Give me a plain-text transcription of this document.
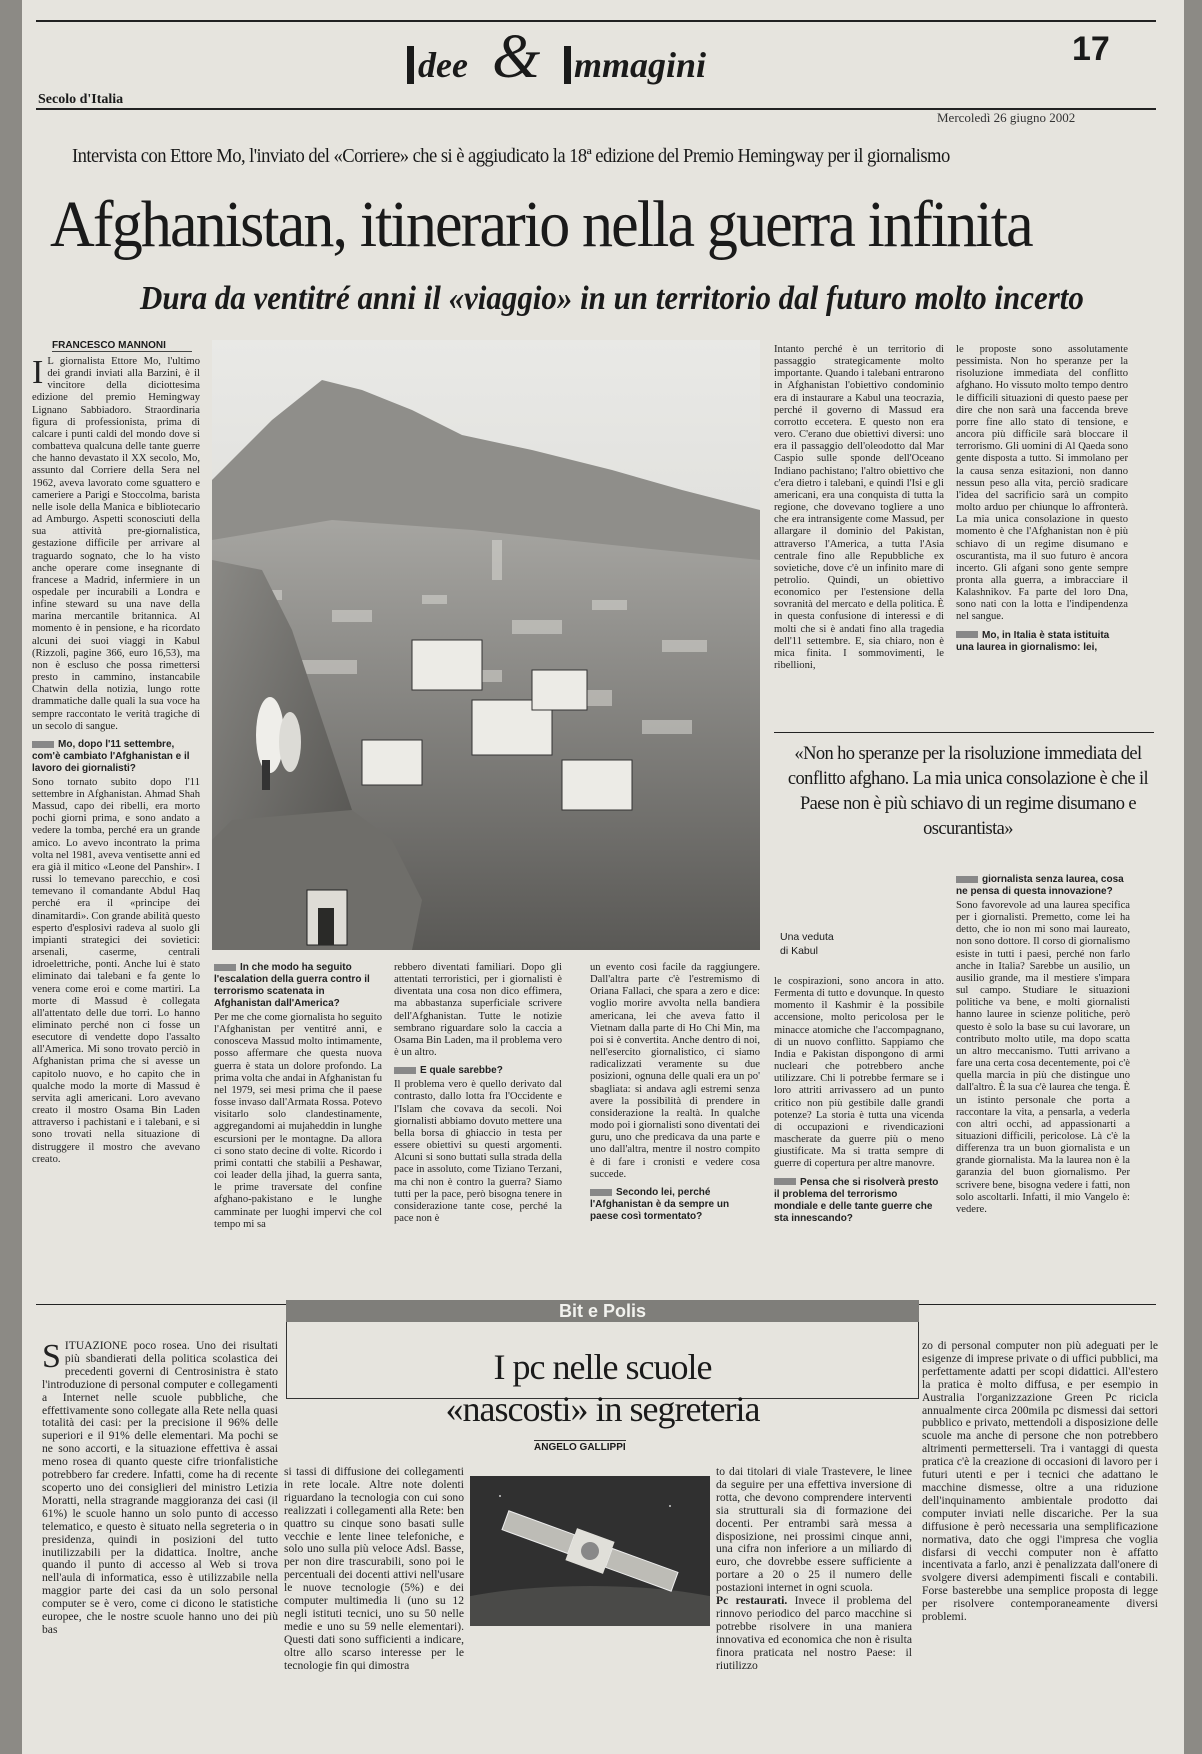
dee & mmagini	17
Secolo d'Italia
Mercoledì 26 giugno 2002
Intervista con Ettore Mo, l'inviato del «Corriere» che si è aggiudicato la 18ª edizione del Premio Hemingway per il giornalismo
Afghanistan, itinerario nella guerra infinita
Dura da ventitré anni il «viaggio» in un territorio dal futuro molto incerto
FRANCESCO MANNONI

I L giornalista Ettore Mo, l'ultimo dei grandi inviati alla Barzini, è il vincitore della diciottesima edizione del premio Hemingway Lignano Sabbiadoro. Straordinaria figura di professionista, prima di calcare i punti caldi del mondo dove si combatteva qualcuna delle tante guerre che hanno devastato il XX secolo, Mo, assunto dal Corriere della Sera nel 1962, aveva lavorato come sguattero e cameriere a Parigi e Stoccolma, barista nelle isole della Manica e bibliotecario ad Amburgo. Aspetti sconosciuti della sua attività pre-giornalistica, gestazione difficile per arrivare al traguardo sognato, che lo ha visto anche operare come insegnante di francese a Madrid, infermiere in un ospedale per incurabili a Londra e infine steward su una nave della marina mercantile britannica. Al momento è in pensione, e ha ricordato alcuni dei suoi viaggi in Kabul (Rizzoli, pagine 366, euro 16,53), ma non è escluso che possa rimettersi presto in cammino, instancabile Chatwin della notizia, lungo rotte drammatiche dalle quali la sua voce ha sempre raccontato le verità tragiche di un secolo di sangue.

Mo, dopo l'11 settembre, com'è cambiato l'Afghanistan e il lavoro dei giornalisti?

Sono tornato subito dopo l'11 settembre in Afghanistan. Ahmad Shah Massud, capo dei ribelli, era morto pochi giorni prima, e sono andato a vedere la tomba, perché era un grande amico. Lo avevo incontrato la prima volta nel 1981, aveva ventisette anni ed era già il mitico «Leone del Panshir». I russi lo temevano parecchio, e così temevano il comandante Abdul Haq perché era il «principe dei dinamitardi». Con grande abilità questo esperto d'esplosivi radeva al suolo gli impianti strategici dei sovietici: arsenali, caserme, centrali idroelettriche, ponti. Anche lui è stato eliminato dai talebani e fa gente lo venera come eroi e come martiri. La morte di Massud è collegata all'attentato delle due torri. Lo hanno eliminato perché non ci fosse un esecutore di vendette dopo l'assalto all'America. Mi sono trovato perciò in Afghanistan prima che si avesse un capitolo nuovo, e ho capito che in qualche modo la morte di Massud è servita agli americani. Loro avevano creato il mostro Osama Bin Laden attraverso i pachistani e i talebani, e si sono trovati nella situazione di distruggere il mostro che avevano creato.

Una veduta
di Kabul

Intanto perché è un territorio di passaggio strategicamente molto importante. Quando i talebani entrarono in Afghanistan l'obiettivo condominio era di instaurare a Kabul una teocrazia, perché il governo di Massud era corrotto eccetera. E questo non era vero. C'erano due obiettivi diversi: uno era il passaggio dell'oleodotto dal Mar Caspio sulle sponde dell'Oceano Indiano pachistano; l'altro obiettivo che c'era dietro i talebani, e quindi l'Isi e gli americani, era una conquista di tutta la regione, che dovevano togliere a uno che era intransigente come Massud, per allargare il dominio del Pakistan, attraverso l'America, a tutta l'Asia centrale fino alle Repubbliche ex sovietiche, dove c'è un infinito mare di petrolio. Quindi, un obiettivo economico per l'estensione della sovranità del mercato e della politica. È in questa confusione di interessi e di molti che si è andati fino alla tragedia dell'11 settembre. E, sia chiaro, non è mica finita. I sommovimenti, le ribellioni,

le proposte sono assolutamente pessimista. Non ho speranze per la risoluzione immediata del conflitto afghano. Ho vissuto molto tempo dentro le difficili situazioni di questo paese per dire che non sarà una faccenda breve porre fine allo stato di tensione, e ancora più difficile sarà bloccare il terrorismo. Gli uomini di Al Qaeda sono gente disposta a tutto. Si immolano per la causa senza esitazioni, non danno nessun peso alla vita, perciò sradicare l'idea del sacrificio sarà un compito molto arduo per chiunque lo affronterà. La mia unica consolazione in questo momento è che l'Afghanistan non è più schiavo di un regime disumano e oscurantista, ma il suo futuro è ancora incerto. Gli afgani sono gente sempre pronta alla guerra, a imbracciare il Kalashnikov. Fa parte del loro Dna, sono nati con la lotta e l'indipendenza nel sangue.

Mo, in Italia è stata istituita una laurea in giornalismo: lei,
«Non ho speranze per la risoluzione immediata del conflitto afghano. La mia unica consolazione è che il Paese non è più schiavo di un regime disumano e oscurantista»
giornalista senza laurea, cosa ne pensa di questa innovazione?

Sono favorevole ad una laurea specifica per i giornalisti. Premetto, come lei ha detto, che io non mi sono mai laureato, non sono dottore. Il corso di giornalismo esiste in tutti i paesi, perché non farlo anche in Italia? Sarebbe un ausilio, un ausilio grande, ma il mestiere s'impara sul campo. Studiare le situazioni politiche va bene, e molti giornalisti hanno lauree in scienze politiche, però questo è solo la base su cui lavorare, un contributo molto utile, ma dopo scatta un altro meccanismo. Tutti arrivano a fare una certa cosa decentemente, poi c'è quella marcia in più che distingue uno dall'altro. È la sua c'è laurea che tenga. È un istinto personale che porta a raccontare la vita, a pensarla, a vederla con altri occhi, ad appassionarti a situazioni difficili, pericolose. Là c'è la differenza tra un buon giornalista e un grande giornalista. Ma la laurea non è la garanzia del buon giornalismo. Per scrivere bene, bisogna vedere i fatti, non solo ascoltarli. Infatti, il mio Vangelo è: vedere.

In che modo ha seguito l'escalation della guerra contro il terrorismo scatenata in Afghanistan dall'America?

Per me che come giornalista ho seguito l'Afghanistan per ventitré anni, e conosceva Massud molto intimamente, posso affermare che questa nuova guerra è stata un dolore profondo. La prima volta che andai in Afghanistan fu nel 1979, sei mesi prima che il paese fosse invaso dall'Armata Rossa. Potevo visitarlo solo clandestinamente, aggregandomi ai mujaheddin in lunghe escursioni per le montagne. Da allora ci sono stato decine di volte. Ricordo i primi contatti che stabilii a Peshawar, coi leader della jihad, la guerra santa, le prime traversate del confine afghano-pakistano e le lunghe camminate per luoghi impervi che col tempo mi sa

rebbero diventati familiari. Dopo gli attentati terroristici, per i giornalisti è diventata una cosa non dico effimera, ma abbastanza superficiale scrivere dell'Afghanistan. Tutte le notizie sembrano riguardare solo la caccia a Osama Bin Laden, ma il problema vero è un altro.

E quale sarebbe?

Il problema vero è quello derivato dal contrasto, dallo lotta fra l'Occidente e l'Islam che covava da secoli. Noi giornalisti abbiamo dovuto mettere una bella borsa di ghiaccio in testa per essere obiettivi su questi argomenti. Alcuni si sono buttati sulla strada della pace in assoluto, come Tiziano Terzani, ma chi non è contro la guerra? Siamo tutti per la pace, però bisogna tenere in considerazione tante cose, perché la pace non è

un evento così facile da raggiungere. Dall'altra parte c'è l'estremismo di Oriana Fallaci, che spara a zero e dice: voglio morire avvolta nella bandiera americana, lei che aveva fatto il Vietnam dalla parte di Ho Chi Min, ma poi si è convertita. Anche dentro di noi, nell'esercito giornalistico, ci siamo radicalizzati veramente su due posizioni, ognuna delle quali era un po' sbagliata: si andava agli estremi senza avere la possibilità di prendere in considerazione la realtà. In qualche modo poi i giornalisti sono diventati dei guru, uno che predicava da una parte e uno dall'altra, mentre il nostro compito è di fare i cronisti e vedere cosa succede.

Secondo lei, perché l'Afghanistan è da sempre un paese così tormentato?

le cospirazioni, sono ancora in atto. Fermenta di tutto e dovunque. In questo momento il Kashmir è la possibile accensione, molto pericolosa per le minacce atomiche che l'accompagnano, di un nuovo conflitto. Sappiamo che India e Pakistan dispongono di armi nucleari che potrebbero anche utilizzare. Chi li potrebbe fermare se i loro attriti arrivassero ad un punto critico non più gestibile dalle grandi potenze? La storia è tutta una vicenda di occupazioni e rivendicazioni mascherate da guerre più o meno giustificate. Ma si tratta sempre di guerre di copertura per altre manovre.

Pensa che si risolverà presto il problema del terrorismo mondiale e delle tante guerre che sta innescando?
Bit e Polis
I pc nelle scuole
«nascosti» in segreteria
ANGELO GALLIPPI

SITUAZIONE poco rosea. Uno dei risultati più sbandierati della politica scolastica dei precedenti governi di Centrosinistra è stato l'introduzione di personal computer e collegamenti a Internet nelle scuole pubbliche, che effettivamente sono collegate alla Rete nella quasi totalità dei casi: per la precisione il 96% delle superiori e il 91% delle elementari. Ma pochi se ne sono accorti, e la situazione effettiva è assai meno rosea di quanto queste cifre trionfalistiche potrebbero far credere. Infatti, come ha di recente scoperto uno dei consiglieri del ministro Letizia Moratti, nella stragrande maggioranza dei casi (il 61%) le scuole hanno un solo punto di accesso telematico, e questo è situato nella segreteria o in presidenza, quindi in posizioni del tutto inutilizzabili per la didattica. Inoltre, anche quando il punto di accesso al Web si trova nell'aula di informatica, esso è utilizzabile nella maggior parte dei casi da un solo personal computer se è vero, come ci dicono le statistiche europee, che le nostre scuole hanno uno dei più bas

si tassi di diffusione dei collegamenti in rete locale. Altre note dolenti riguardano la tecnologia con cui sono realizzati i collegamenti alla Rete: ben quattro su cinque sono basati sulle vecchie e lente linee telefoniche, e solo uno sulla più veloce Adsl. Basse, per non dire trascurabili, sono poi le percentuali dei docenti attivi nell'usare le nuove tecnologie (5%) e dei computer multimedia li (uno su 12 negli istituti tecnici, uno su 50 nelle medie e uno su 59 nelle elementari). Questi dati sono sufficienti a indicare, oltre allo scarso interesse per le tecnologie fin qui dimostra

to dai titolari di viale Trastevere, le linee da seguire per una effettiva inversione di rotta, che devono comprendere interventi sia strutturali sia di formazione dei docenti. Per entrambi sarà messa a disposizione, nei prossimi cinque anni, una cifra non inferiore a un miliardo di euro, che dovrebbe essere sufficiente a portare a 20 o 25 il numero delle postazioni internet in ogni scuola.

Pc restaurati. Invece il problema del rinnovo periodico del parco macchine si potrebbe risolvere in una maniera innovativa ed economica che non è risulta finora praticata nel nostro Paese: il riutilizzo

zo di personal computer non più adeguati per le esigenze di imprese private o di uffici pubblici, ma perfettamente adatti per scopi didattici. All'estero la pratica è molto diffusa, e per esempio in Australia l'organizzazione Green Pc ricicla annualmente circa 200mila pc dismessi dai settori pubblico e privato, mettendoli a disposizione delle scuole ma anche di persone che non potrebbero altrimenti permetterseli. Tra i vantaggi di questa pratica c'è la creazione di occasioni di lavoro per i futuri utenti e per i tecnici che adattano le macchine dismesse, oltre a una riduzione dell'inquinamento ambientale prodotto dai computer inviati nelle discariche. Per la sua diffusione è però necessaria una semplificazione normativa, dato che oggi l'impresa che voglia disfarsi di vecchi computer non è affatto incentivata a farlo, anzi è penalizzata dall'onere di svolgere diversi adempimenti fiscali e contabili. Forse basterebbe una semplice proposta di legge per risolvere contemporaneamente diversi problemi.
